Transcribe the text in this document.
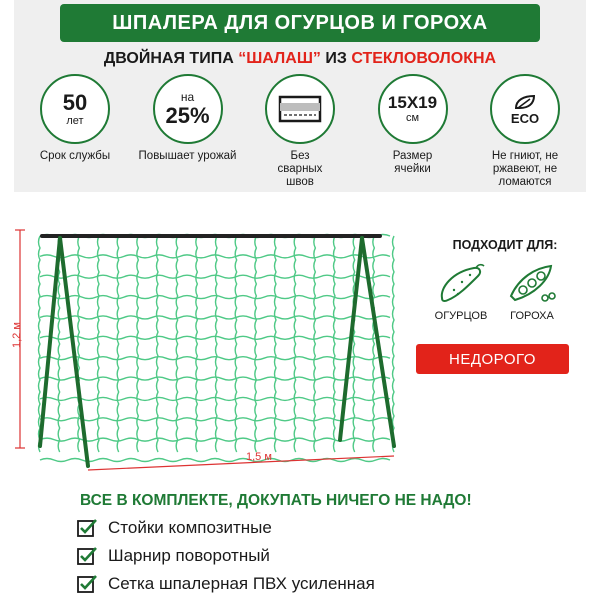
ШПАЛЕРА ДЛЯ ОГУРЦОВ И ГОРОХА
ДВОЙНАЯ ТИПА “ШАЛАШ” ИЗ СТЕКЛОВОЛОКНА
50
лет
Срок службы
на
25%
Повышает урожай	Без сварных швов
15Х19
см
Размер ячейки
ECO
Не гниют, не ржавеют, не ломаются
1,2 м
1,5 м
ПОДХОДИТ ДЛЯ:
ОГУРЦОВ ГОРОХА
НЕДОРОГО
ВСЕ В КОМПЛЕКТЕ, ДОКУПАТЬ НИЧЕГО НЕ НАДО!
Стойки композитные
Шарнир поворотный
Сетка шпалерная ПВХ усиленная
